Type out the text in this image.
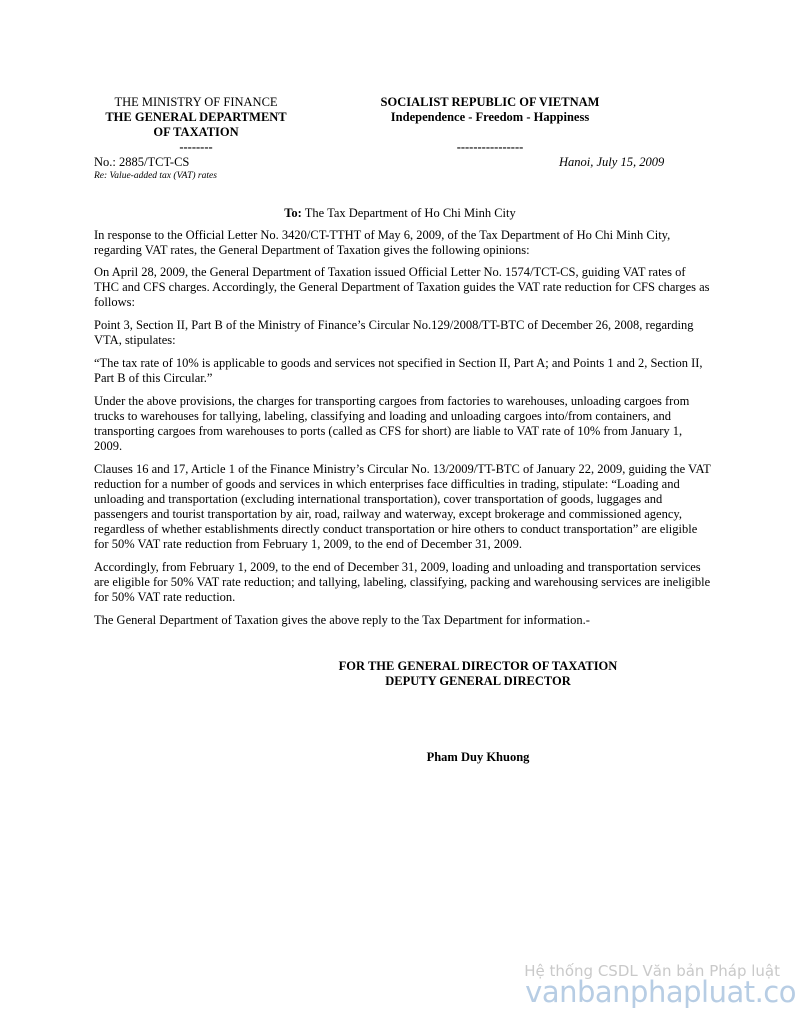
THE MINISTRY OF FINANCE
THE GENERAL DEPARTMENT
OF TAXATION
--------
SOCIALIST REPUBLIC OF VIETNAM
Independence - Freedom - Happiness
----------------
No.: 2885/TCT-CS	Hanoi, July 15, 2009
Re: Value-added tax (VAT) rates
To: The Tax Department of Ho Chi Minh City

In response to the Official Letter No. 3420/CT-TTHT of May 6, 2009, of the Tax Department of Ho Chi Minh City, regarding VAT rates, the General Department of Taxation gives the following opinions:

On April 28, 2009, the General Department of Taxation issued Official Letter No. 1574/TCT-CS, guiding VAT rates of THC and CFS charges. Accordingly, the General Department of Taxation guides the VAT rate reduction for CFS charges as follows:

Point 3, Section II, Part B of the Ministry of Finance’s Circular No.129/2008/TT-BTC of December 26, 2008, regarding VTA, stipulates:

“The tax rate of 10% is applicable to goods and services not specified in Section II, Part A; and Points 1 and 2, Section II, Part B of this Circular.”

Under the above provisions, the charges for transporting cargoes from factories to warehouses, unloading cargoes from trucks to warehouses for tallying, labeling, classifying and loading and unloading cargoes into/from containers, and transporting cargoes from warehouses to ports (called as CFS for short) are liable to VAT rate of 10% from January 1, 2009.

Clauses 16 and 17, Article 1 of the Finance Ministry’s Circular No. 13/2009/TT-BTC of January 22, 2009, guiding the VAT reduction for a number of goods and services in which enterprises face difficulties in trading, stipulate: “Loading and unloading and transportation (excluding international transportation), cover transportation of goods, luggages and passengers and tourist transportation by air, road, railway and waterway, except brokerage and commissioned agency, regardless of whether establishments directly conduct transportation or hire others to conduct transportation” are eligible for 50% VAT rate reduction from February 1, 2009, to the end of December 31, 2009.

Accordingly, from February 1, 2009, to the end of December 31, 2009, loading and unloading and transportation services are eligible for 50% VAT rate reduction; and tallying, labeling, classifying, packing and warehousing services are ineligible for 50% VAT rate reduction.

The General Department of Taxation gives the above reply to the Tax Department for information.-

FOR THE GENERAL DIRECTOR OF TAXATION
DEPUTY GENERAL DIRECTOR
Pham Duy Khuong
Hệ thống CSDL Văn bản Pháp luật
vanbanphapluat.co
